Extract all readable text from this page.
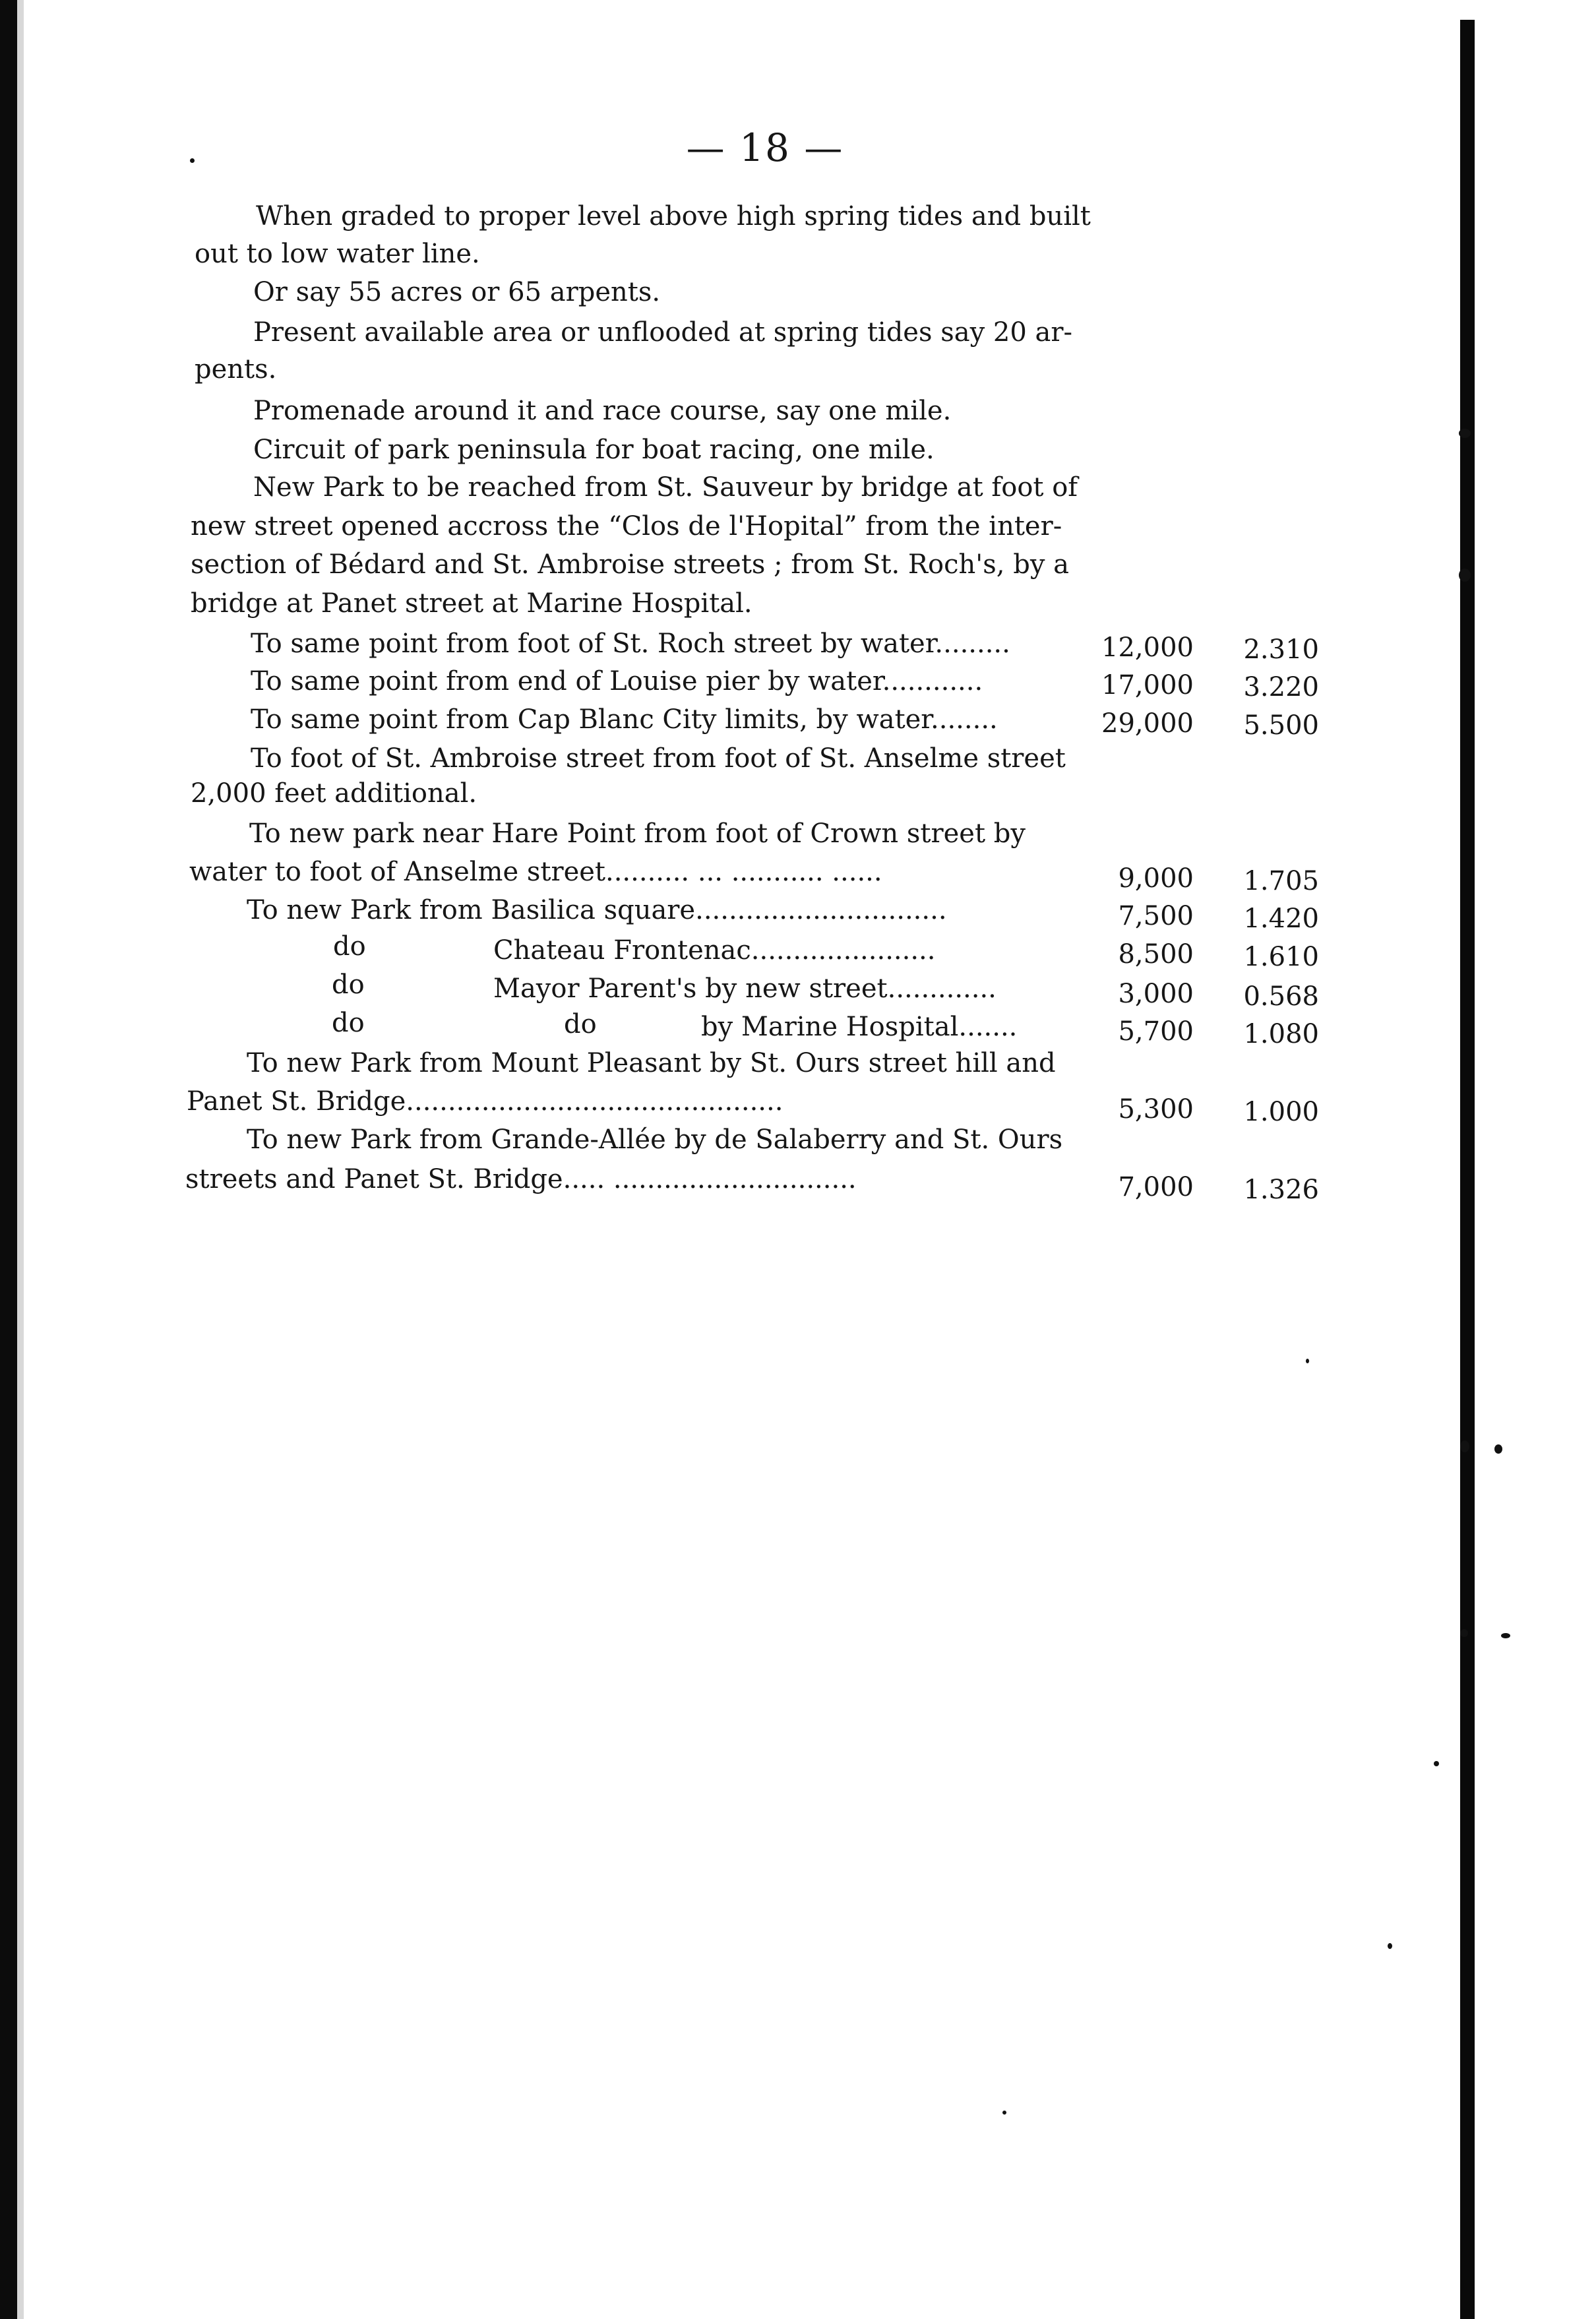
— 18 —
When graded to proper level above high spring tides and built
out to low water line.
Or say 55 acres or 65 arpents.
Present available area or unflooded at spring tides say 20 ar-
pents.
Promenade around it and race course, say one mile.
Circuit of park peninsula for boat racing, one mile.
New Park to be reached from St. Sauveur by bridge at foot of
new street opened accross the “Clos de l'Hopital” from the inter-
section of Bédard and St. Ambroise streets ; from St. Roch's, by a
bridge at Panet street at Marine Hospital.
To same point from foot of St. Roch street by water.........	12,000	2.310
To same point from end of Louise pier by water............	17,000	3.220
To same point from Cap Blanc City limits, by water........	29,000	5.500
To foot of St. Ambroise street from foot of St. Anselme street
2,000 feet additional.
To new park near Hare Point from foot of Crown street by
water to foot of Anselme street.......... ... ........... ......	9,000	1.705
To new Park from Basilica square..............................	7,500	1.420
do	Chateau Frontenac......................	8,500	1.610
do	Mayor Parent's by new street.............	3,000	0.568
do	do	by Marine Hospital.......	5,700	1.080
To new Park from Mount Pleasant by St. Ours street hill and
Panet St. Bridge.............................................	5,300	1.000
To new Park from Grande-Allée by de Salaberry and St. Ours
streets and Panet St. Bridge..... .............................	7,000	1.326
